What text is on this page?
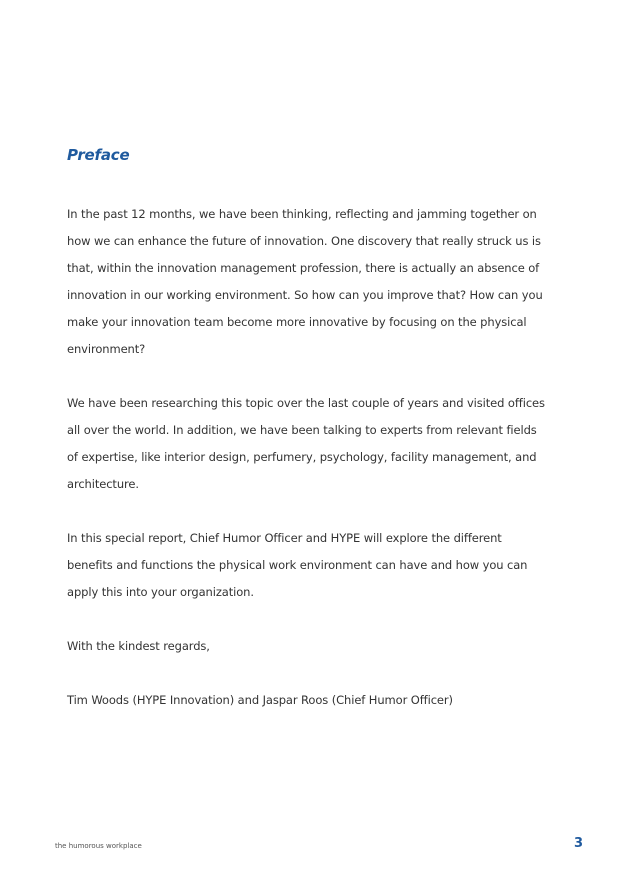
Preface

In the past 12 months, we have been thinking, reflecting and jamming together on
how we can enhance the future of innovation. One discovery that really struck us is
that, within the innovation management profession, there is actually an absence of
innovation in our working environment. So how can you improve that? How can you
make your innovation team become more innovative by focusing on the physical
environment?

We have been researching this topic over the last couple of years and visited offices
all over the world. In addition, we have been talking to experts from relevant fields
of expertise, like interior design, perfumery, psychology, facility management, and
architecture.

In this special report, Chief Humor Officer and HYPE will explore the different
benefits and functions the physical work environment can have and how you can
apply this into your organization.

With the kindest regards,

Tim Woods (HYPE Innovation) and Jaspar Roos (Chief Humor Officer)

the humorous workplace	3
